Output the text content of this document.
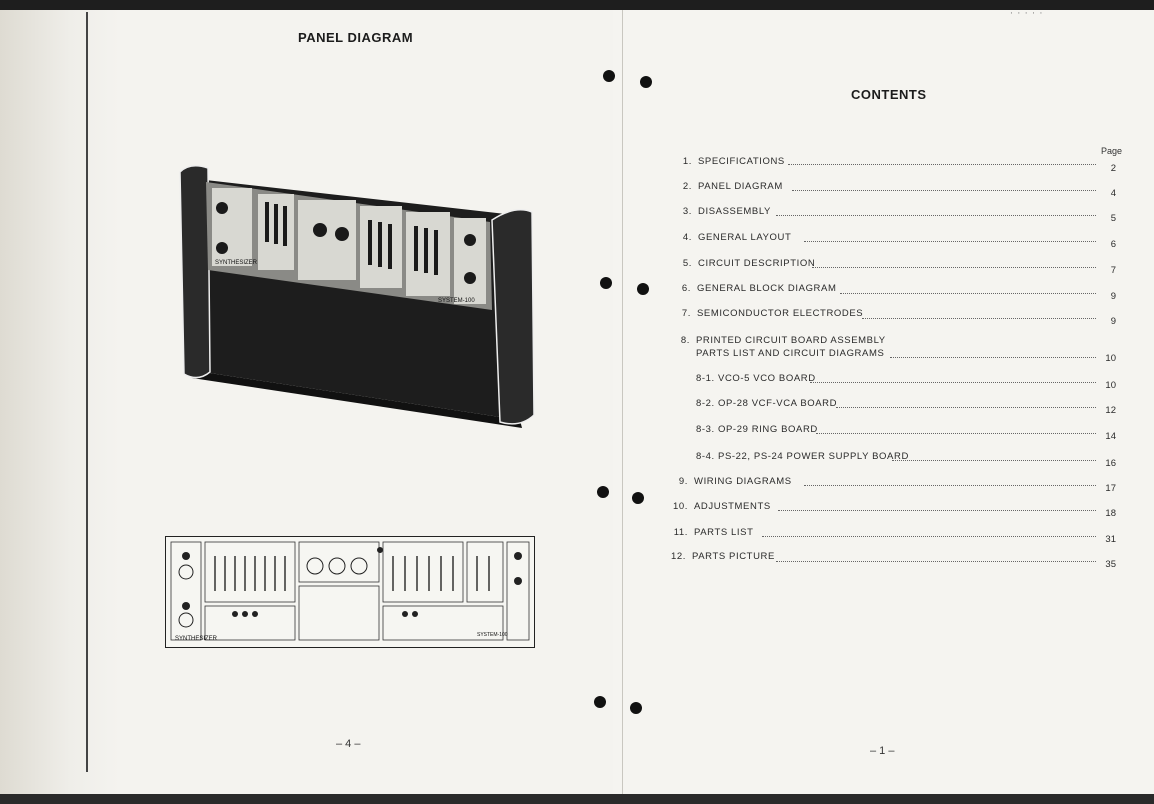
⋅ ⋅ ⋅ ⋅ ⋅
PANEL DIAGRAM
SYNTHESIZER
SYSTEM-100
SYNTHESIZER
SYSTEM-100
– 4 –
CONTENTS
Page
1. SPECIFICATIONS
2
2. PANEL DIAGRAM
4
3. DISASSEMBLY
5
4. GENERAL LAYOUT
6
5. CIRCUIT DESCRIPTION
7
6. GENERAL BLOCK DIAGRAM
9
7. SEMICONDUCTOR ELECTRODES
9
8. PRINTED CIRCUIT BOARD ASSEMBLY
PARTS LIST AND CIRCUIT DIAGRAMS	10
8-1. VCO-5 VCO BOARD
10
8-2. OP-28 VCF-VCA BOARD
12
8-3. OP-29 RING BOARD
14
8-4. PS-22, PS-24 POWER SUPPLY BOARD
16
9. WIRING DIAGRAMS
17
10. ADJUSTMENTS
18
11. PARTS LIST
31
12. PARTS PICTURE
35
– 1 –
